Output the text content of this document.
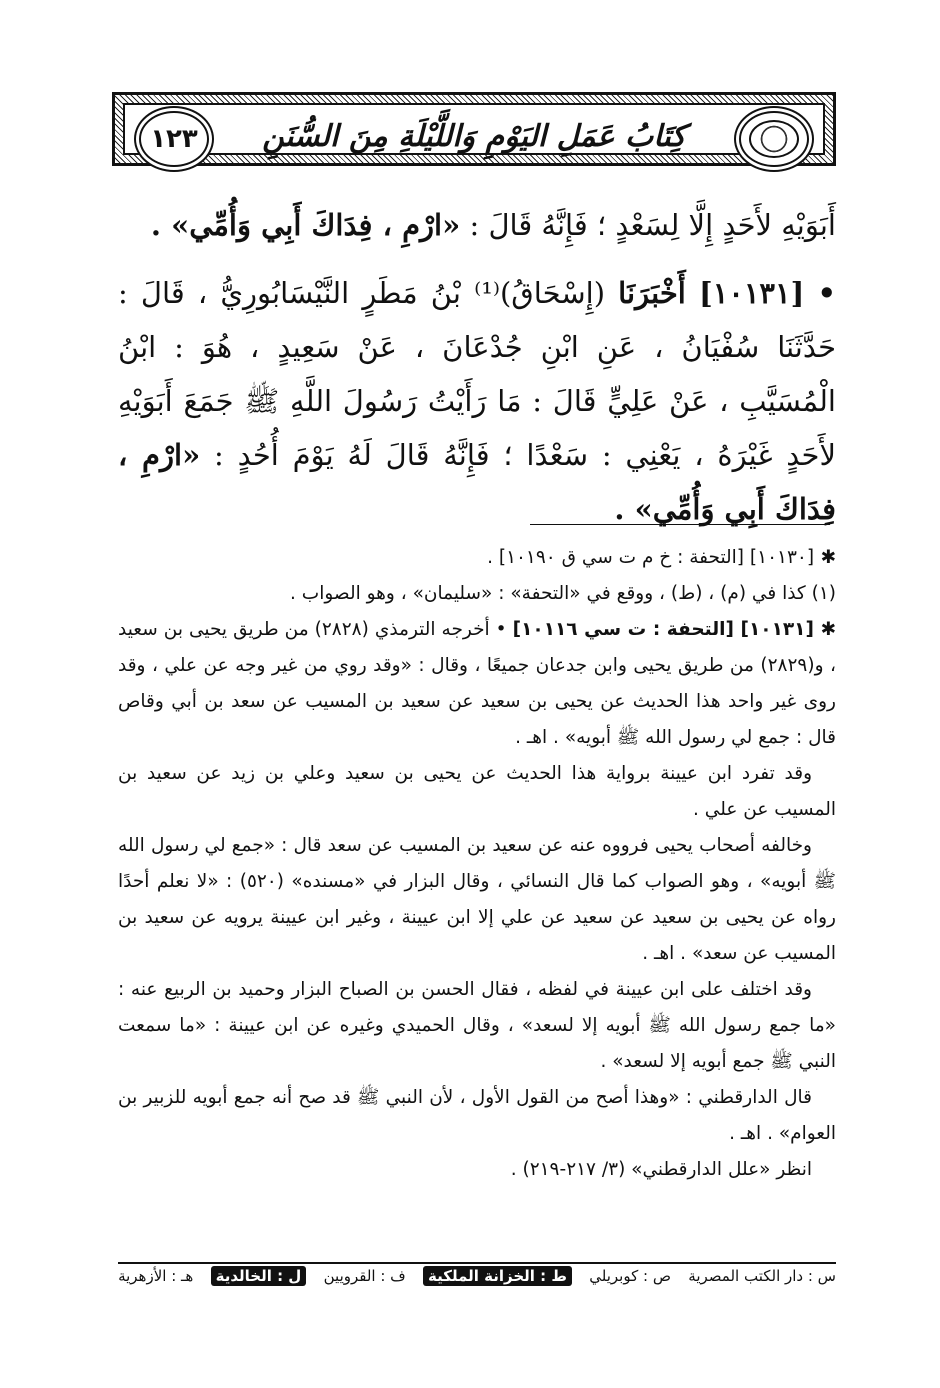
١٢٣	كِتَابُ عَمَلِ اليَوْمِ وَاللَّيْلَةِ مِنَ السُّنَنِ
أَبَوَيْهِ لأَحَدٍ إِلَّا لِسَعْدٍ ؛ فَإِنَّهُ قَالَ : «ارْمِ ، فِدَاكَ أَبِي وَأُمِّي» .
• [١٠١٣١] أَخْبَرَنَا (إِسْحَاقُ)⁽¹⁾ بْنُ مَطَرٍ النَّيْسَابُورِيُّ ، قَالَ : حَدَّثَنَا سُفْيَانُ ، عَنِ ابْنِ جُدْعَانَ ، عَنْ سَعِيدٍ ، هُوَ : ابْنُ الْمُسَيَّبِ ، عَنْ عَلِيٍّ قَالَ : مَا رَأَيْتُ رَسُولَ اللَّهِ ﷺ جَمَعَ أَبَوَيْهِ لأَحَدٍ غَيْرَهُ ، يَعْنِي : سَعْدًا ؛ فَإِنَّهُ قَالَ لَهُ يَوْمَ أُحُدٍ : «ارْمِ ، فِدَاكَ أَبِي وَأُمِّي» .

✱ [١٠١٣٠] [التحفة : خ م ت سي ق ١٠١٩٠] .

(١) كذا في (م) ، (ط) ، ووقع في «التحفة» : «سليمان» ، وهو الصواب .

✱ [١٠١٣١] [التحفة : ت سي ١٠١١٦] • أخرجه الترمذي (٢٨٢٨) من طريق يحيى بن سعيد ، و(٢٨٢٩) من طريق يحيى وابن جدعان جميعًا ، وقال : «وقد روي من غير وجه عن علي ، وقد روى غير واحد هذا الحديث عن يحيى بن سعيد عن سعيد بن المسيب عن سعد بن أبي وقاص قال : جمع لي رسول الله ﷺ أبويه» . اهـ .

وقد تفرد ابن عيينة برواية هذا الحديث عن يحيى بن سعيد وعلي بن زيد عن سعيد بن المسيب عن علي .

وخالفه أصحاب يحيى فرووه عنه عن سعيد بن المسيب عن سعد قال : «جمع لي رسول الله ﷺ أبويه» ، وهو الصواب كما قال النسائي ، وقال البزار في «مسنده» (٥٢٠) : «لا نعلم أحدًا رواه عن يحيى بن سعيد عن سعيد عن علي إلا ابن عيينة ، وغير ابن عيينة يرويه عن سعيد بن المسيب عن سعد» . اهـ .

وقد اختلف على ابن عيينة في لفظه ، فقال الحسن بن الصباح البزار وحميد بن الربيع عنه : «ما جمع رسول الله ﷺ أبويه إلا لسعد» ، وقال الحميدي وغيره عن ابن عيينة : «ما سمعت النبي ﷺ جمع أبويه إلا لسعد» .

قال الدارقطني : «وهذا أصح من القول الأول ، لأن النبي ﷺ قد صح أنه جمع أبويه للزبير بن العوام» . اهـ .

انظر «علل الدارقطني» (٣/ ٢١٧-٢١٩) .

س : دار الكتب المصرية
ص : كوبريلي
ط : الخزانة الملكية
ف : القرويين
ل : الخالدية
هـ : الأزهرية
